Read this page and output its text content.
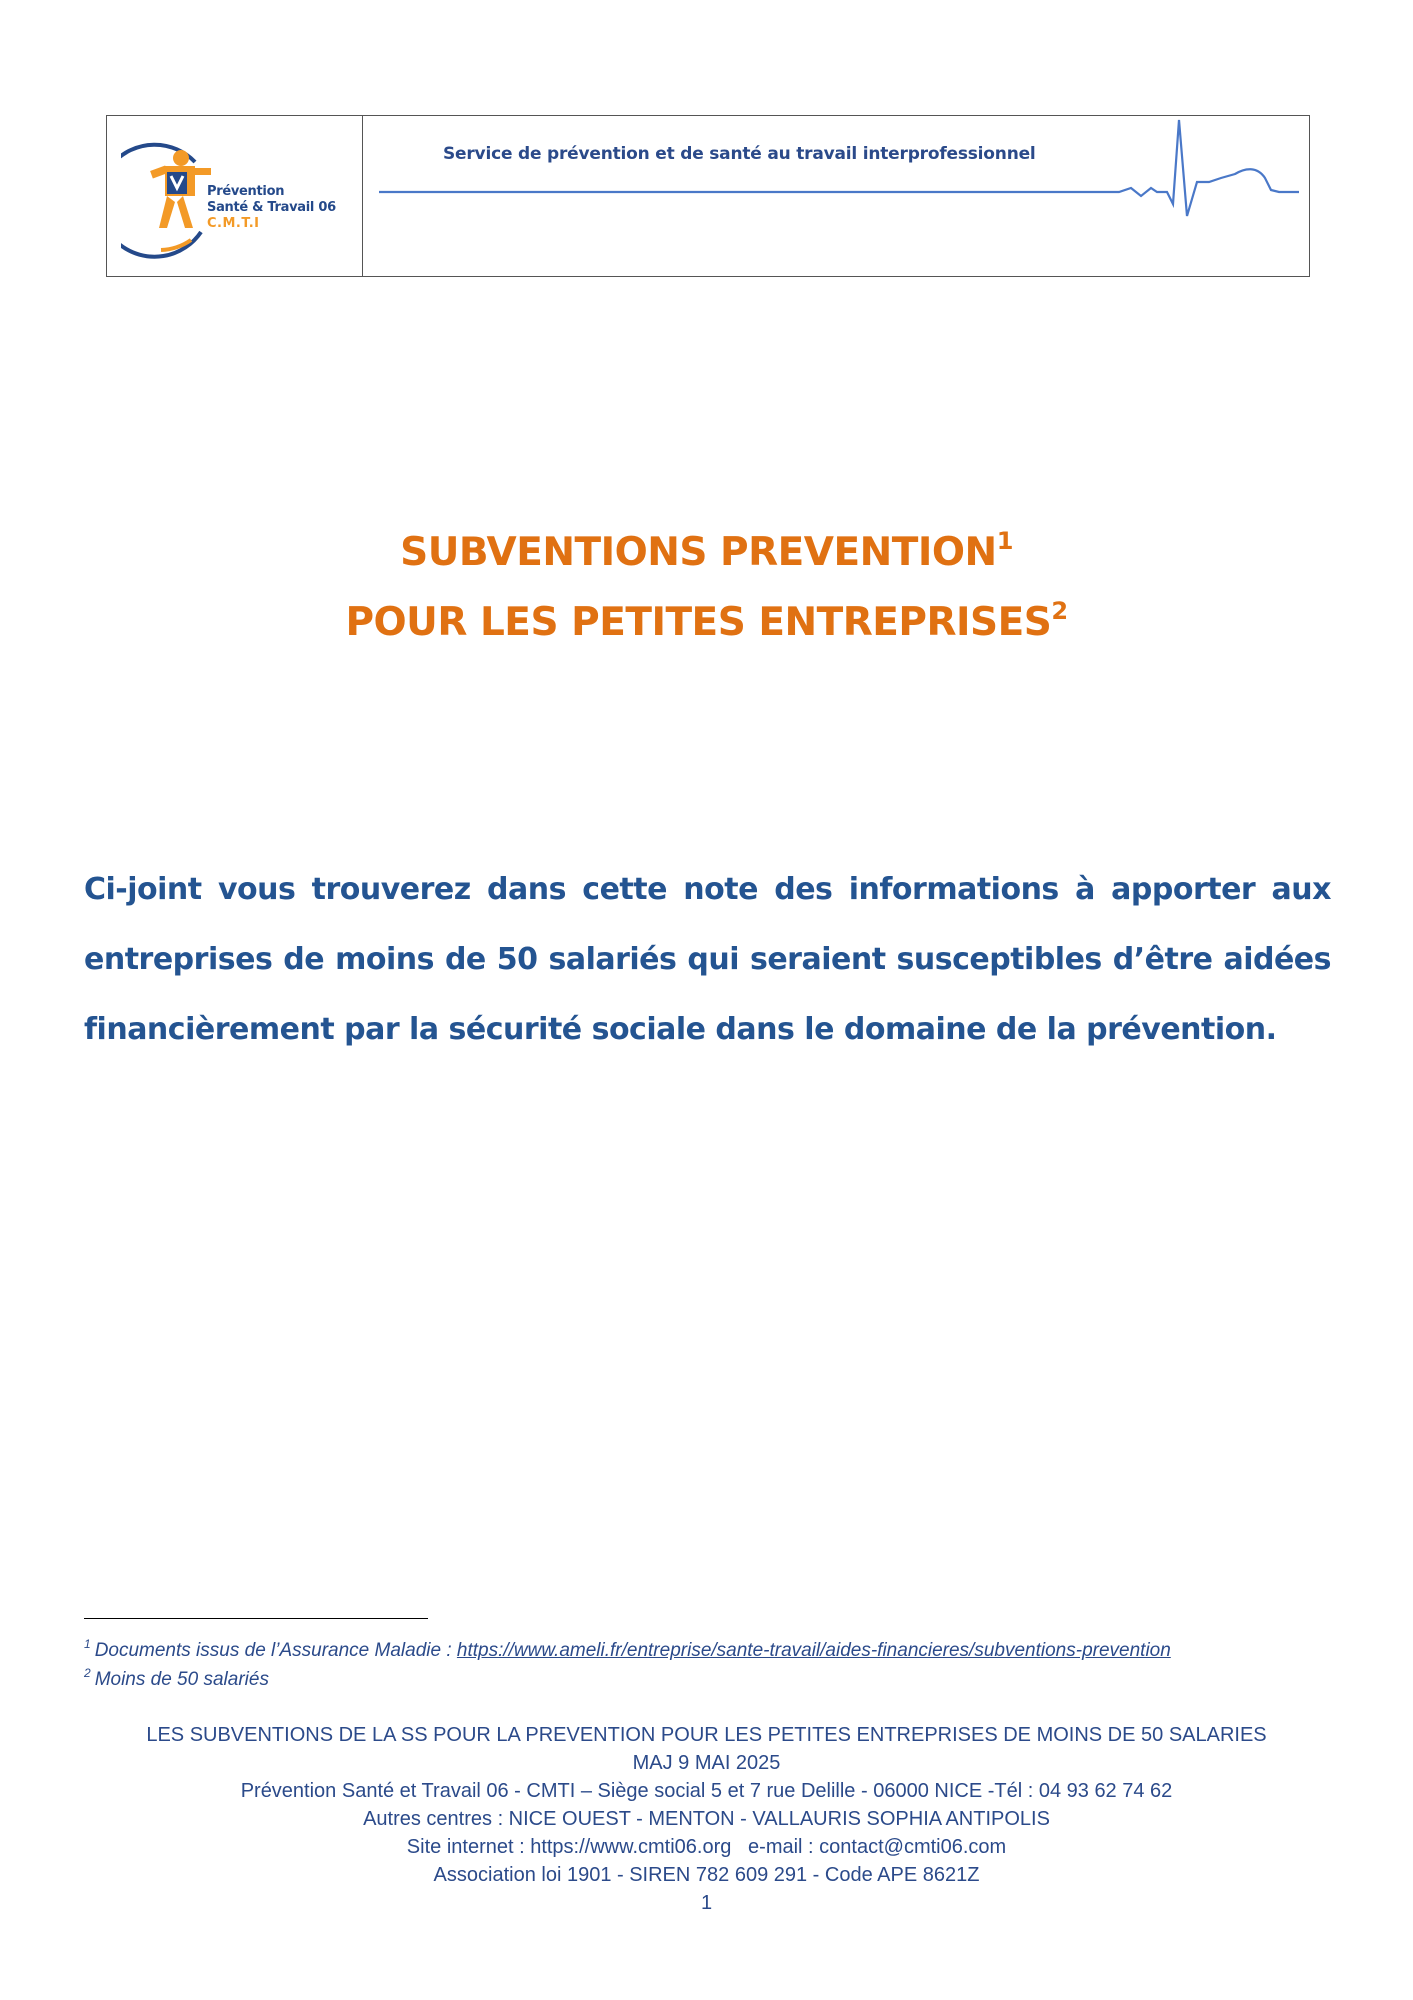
Prévention
Santé & Travail 06
C.M.T.I
Service de prévention et de santé au travail interprofessionnel
SUBVENTIONS PREVENTION$^1$
POUR LES PETITES ENTREPRISES$^2$
Ci-joint vous trouverez dans cette note des informations à apporter aux entreprises de moins de 50 salariés qui seraient susceptibles d’être aidées financièrement par la sécurité sociale dans le domaine de la prévention.
$^1$ Documents issus de l’Assurance Maladie : https://www.ameli.fr/entreprise/sante-travail/aides-financieres/subventions-prevention
$^2$ Moins de 50 salariés
LES SUBVENTIONS DE LA SS POUR LA PREVENTION POUR LES PETITES ENTREPRISES DE MOINS DE 50 SALARIES
MAJ 9 MAI 2025
Prévention Santé et Travail 06 - CMTI – Siège social 5 et 7 rue Delille - 06000 NICE -Tél : 04 93 62 74 62
Autres centres : NICE OUEST - MENTON - VALLAURIS SOPHIA ANTIPOLIS
Site internet : https://www.cmti06.org   e-mail : contact@cmti06.com
Association loi 1901 - SIREN 782 609 291 - Code APE 8621Z
1
